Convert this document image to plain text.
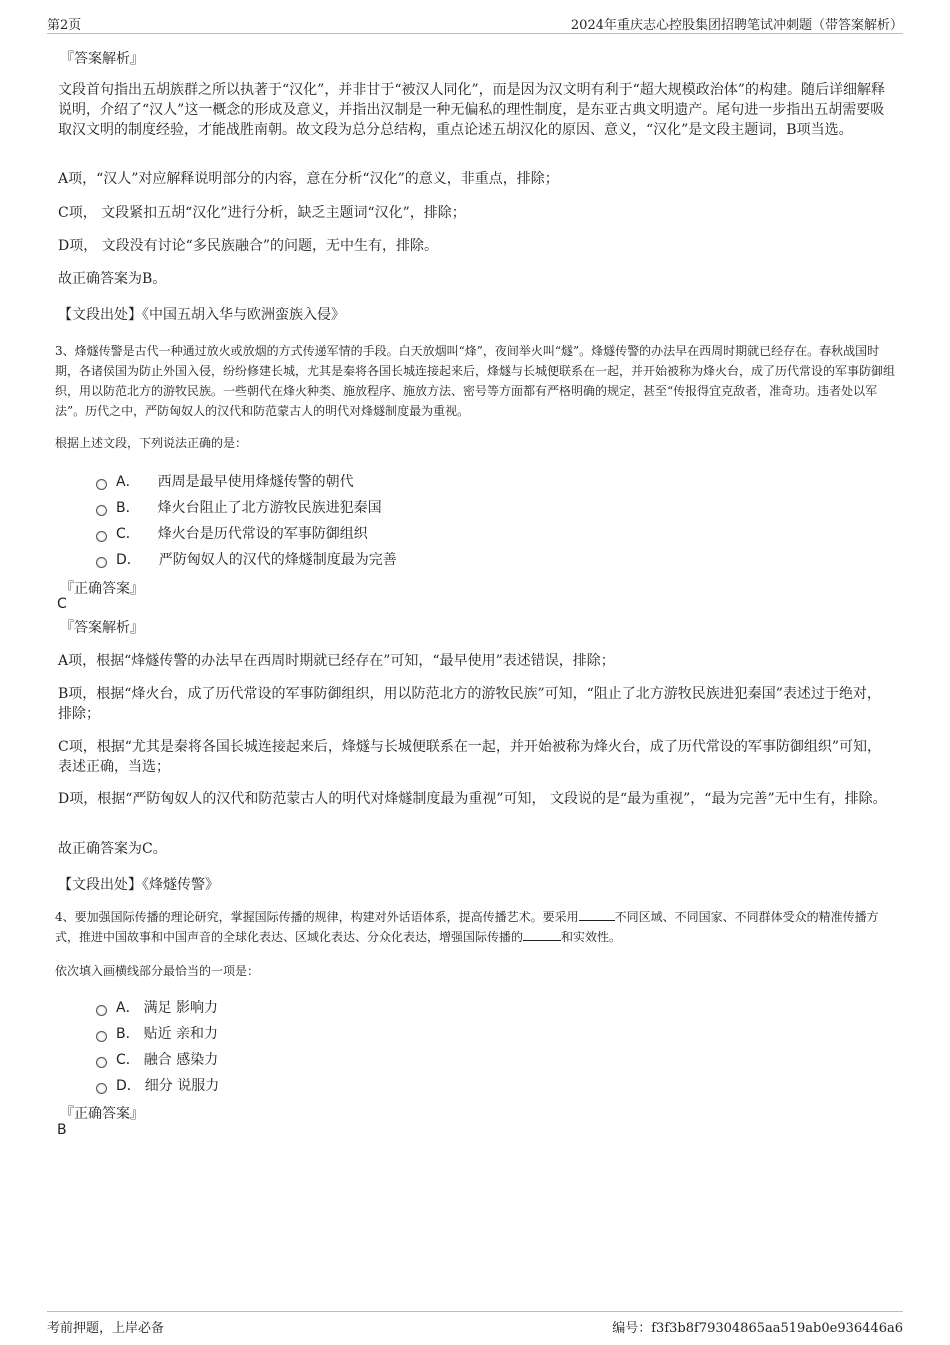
第2页	2024年重庆志心控股集团招聘笔试冲刺题（带答案解析）
『答案解析』
文段首句指出五胡族群之所以执著于“汉化”，并非甘于“被汉人同化”，而是因为汉文明有利于“超大规模政治体”的构建。随后详细解释说明，介绍了“汉人”这一概念的形成及意义，并指出汉制是一种无偏私的理性制度，是东亚古典文明遗产。尾句进一步指出五胡需要吸取汉文明的制度经验，才能战胜南朝。故文段为总分总结构，重点论述五胡汉化的原因、意义，“汉化”是文段主题词，B项当选。
A项，“汉人”对应解释说明部分的内容，意在分析“汉化”的意义，非重点，排除；
C项， 文段紧扣五胡“汉化”进行分析，缺乏主题词“汉化”，排除；
D项， 文段没有讨论“多民族融合”的问题，无中生有，排除。
故正确答案为B。
【文段出处】《中国五胡入华与欧洲蛮族入侵》
3、烽燧传警是古代一种通过放火或放烟的方式传递军情的手段。白天放烟叫“烽”，夜间举火叫“燧”。烽燧传警的办法早在西周时期就已经存在。春秋战国时期，各诸侯国为防止外国入侵，纷纷修建长城，尤其是秦将各国长城连接起来后，烽燧与长城便联系在一起，并开始被称为烽火台，成了历代常设的军事防御组织，用以防范北方的游牧民族。一些朝代在烽火种类、施放程序、施放方法、密号等方面都有严格明确的规定，甚至“传报得宜克敌者，准奇功。违者处以军法”。历代之中，严防匈奴人的汉代和防范蒙古人的明代对烽燧制度最为重视。
根据上述文段，下列说法正确的是：
A． 西周是最早使用烽燧传警的朝代
B． 烽火台阻止了北方游牧民族进犯秦国
C． 烽火台是历代常设的军事防御组织
D． 严防匈奴人的汉代的烽燧制度最为完善
『正确答案』
C
『答案解析』
A项，根据“烽燧传警的办法早在西周时期就已经存在”可知，“最早使用”表述错误，排除；
B项，根据“烽火台，成了历代常设的军事防御组织，用以防范北方的游牧民族”可知，“阻止了北方游牧民族进犯秦国”表述过于绝对，排除；
C项，根据“尤其是秦将各国长城连接起来后，烽燧与长城便联系在一起，并开始被称为烽火台，成了历代常设的军事防御组织”可知，表述正确，当选；
D项，根据“严防匈奴人的汉代和防范蒙古人的明代对烽燧制度最为重视”可知， 文段说的是“最为重视”，“最为完善”无中生有，排除。
故正确答案为C。
【文段出处】《烽燧传警》
4、要加强国际传播的理论研究，掌握国际传播的规律，构建对外话语体系，提高传播艺术。要采用	不同区域、不同国家、不同群体受众的精准传播方式，推进中国故事和中国声音的全球化表达、区域化表达、分众化表达，增强国际传播的	和实效性。
依次填入画横线部分最恰当的一项是：
A． 满足 影响力
B． 贴近 亲和力
C． 融合 感染力
D． 细分 说服力
『正确答案』
B
考前押题，上岸必备	编号：f3f3b8f79304865aa519ab0e936446a6
